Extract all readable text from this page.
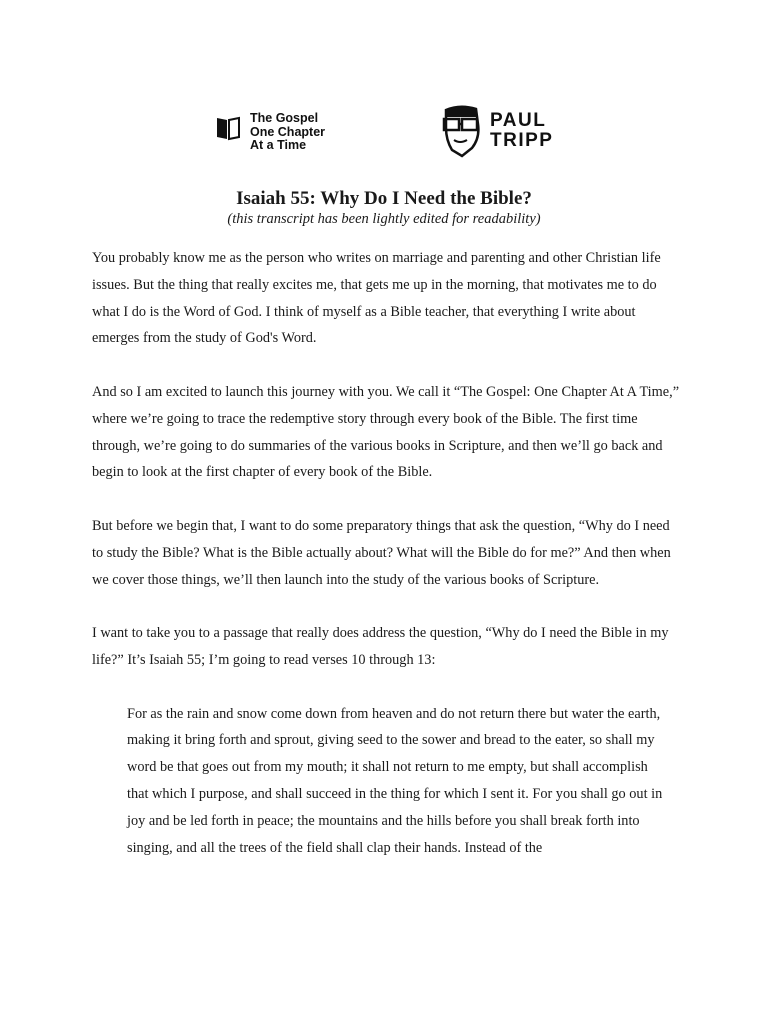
The Gospel
One Chapter
At a Time
PAUL
TRIPP
Isaiah 55: Why Do I Need the Bible?

(this transcript has been lightly edited for readability)

You probably know me as the person who writes on marriage and parenting and other Christian life issues. But the thing that really excites me, that gets me up in the morning, that motivates me to do what I do is the Word of God. I think of myself as a Bible teacher, that everything I write about emerges from the study of God's Word.

And so I am excited to launch this journey with you. We call it “The Gospel: One Chapter At A Time,” where we’re going to trace the redemptive story through every book of the Bible. The first time through, we’re going to do summaries of the various books in Scripture, and then we’ll go back and begin to look at the first chapter of every book of the Bible.

But before we begin that, I want to do some preparatory things that ask the question, “Why do I need to study the Bible? What is the Bible actually about? What will the Bible do for me?” And then when we cover those things, we’ll then launch into the study of the various books of Scripture.

I want to take you to a passage that really does address the question, “Why do I need the Bible in my life?” It’s Isaiah 55; I’m going to read verses 10 through 13:

For as the rain and snow come down from heaven and do not return there but water the earth, making it bring forth and sprout, giving seed to the sower and bread to the eater, so shall my word be that goes out from my mouth; it shall not return to me empty, but shall accomplish that which I purpose, and shall succeed in the thing for which I sent it. For you shall go out in joy and be led forth in peace; the mountains and the hills before you shall break forth into singing, and all the trees of the field shall clap their hands. Instead of the
